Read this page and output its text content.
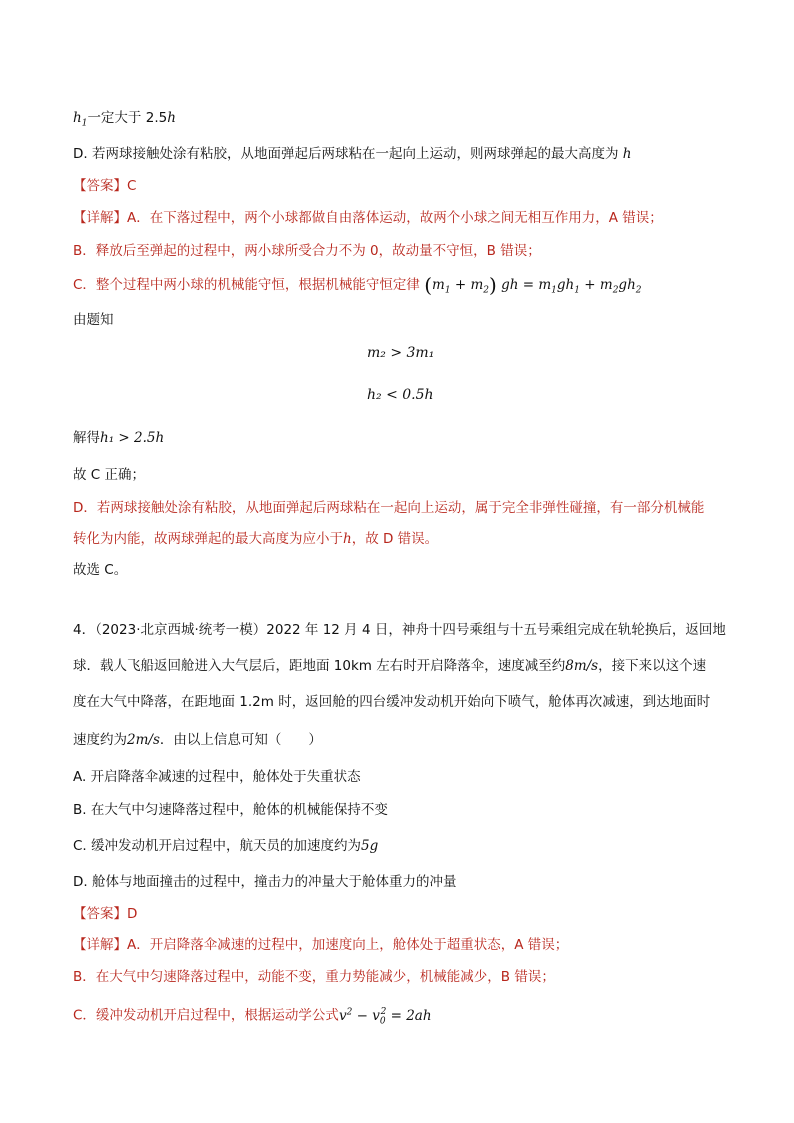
$h_1$一定大于 2.5h
D. 若两球接触处涂有粘胶，从地面弹起后两球粘在一起向上运动，则两球弹起的最大高度为 h
【答案】C
【详解】A．在下落过程中，两个小球都做自由落体运动，故两个小球之间无相互作用力，A 错误；
B．释放后至弹起的过程中，两小球所受合力不为 0，故动量不守恒，B 错误；
C．整个过程中两小球的机械能守恒，根据机械能守恒定律 $(m_1 + m_2)$ gh = $m_1gh_1 + m_2gh_2$
由题知
m₂ > 3m₁
h₂ < 0.5h
解得h₁ > 2.5h
故 C 正确；
D．若两球接触处涂有粘胶，从地面弹起后两球粘在一起向上运动，属于完全非弹性碰撞，有一部分机械能
转化为内能，故两球弹起的最大高度为应小于h，故 D 错误。
故选 C。
4．（2023·北京西城·统考一模）2022 年 12 月 4 日，神舟十四号乘组与十五号乘组完成在轨轮换后，返回地
球．载人飞船返回舱进入大气层后，距地面 10km 左右时开启降落伞，速度减至约8m/s，接下来以这个速
度在大气中降落，在距地面 1.2m 时，返回舱的四台缓冲发动机开始向下喷气，舱体再次减速，到达地面时
速度约为2m/s．由以上信息可知（　　）
A. 开启降落伞减速的过程中，舱体处于失重状态
B. 在大气中匀速降落过程中，舱体的机械能保持不变
C. 缓冲发动机开启过程中，航天员的加速度约为5g
D. 舱体与地面撞击的过程中，撞击力的冲量大于舱体重力的冲量
【答案】D
【详解】A．开启降落伞减速的过程中，加速度向上，舱体处于超重状态，A 错误；
B．在大气中匀速降落过程中，动能不变，重力势能减少，机械能减少，B 错误；
C．缓冲发动机开启过程中，根据运动学公式$v^2 - v_0^2 = 2ah$
